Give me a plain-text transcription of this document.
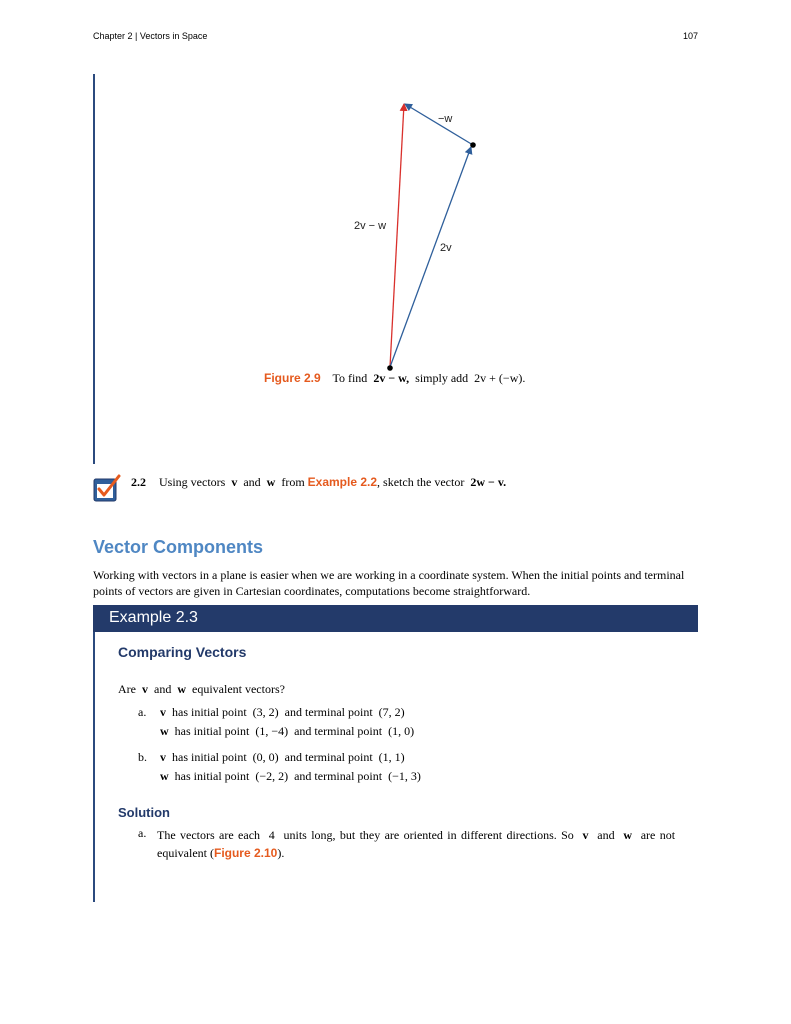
Chapter 2 | Vectors in Space	107
−w
2v − w
2v
Figure 2.9 To find 2v − w, simply add 2v + (−w).
2.2 Using vectors v and w from Example 2.2, sketch the vector 2w − v.
Vector Components
Working with vectors in a plane is easier when we are working in a coordinate system. When the initial points and terminal points of vectors are given in Cartesian coordinates, computations become straightforward.
Example 2.3
Comparing Vectors
Are v and w equivalent vectors?
a. v has initial point (3, 2) and terminal point (7, 2)
w has initial point (1, −4) and terminal point (1, 0)
b. v has initial point (0, 0) and terminal point (1, 1)
w has initial point (−2, 2) and terminal point (−1, 3)
Solution
a. The vectors are each 4 units long, but they are oriented in different directions. So v and w are not equivalent (Figure 2.10).
